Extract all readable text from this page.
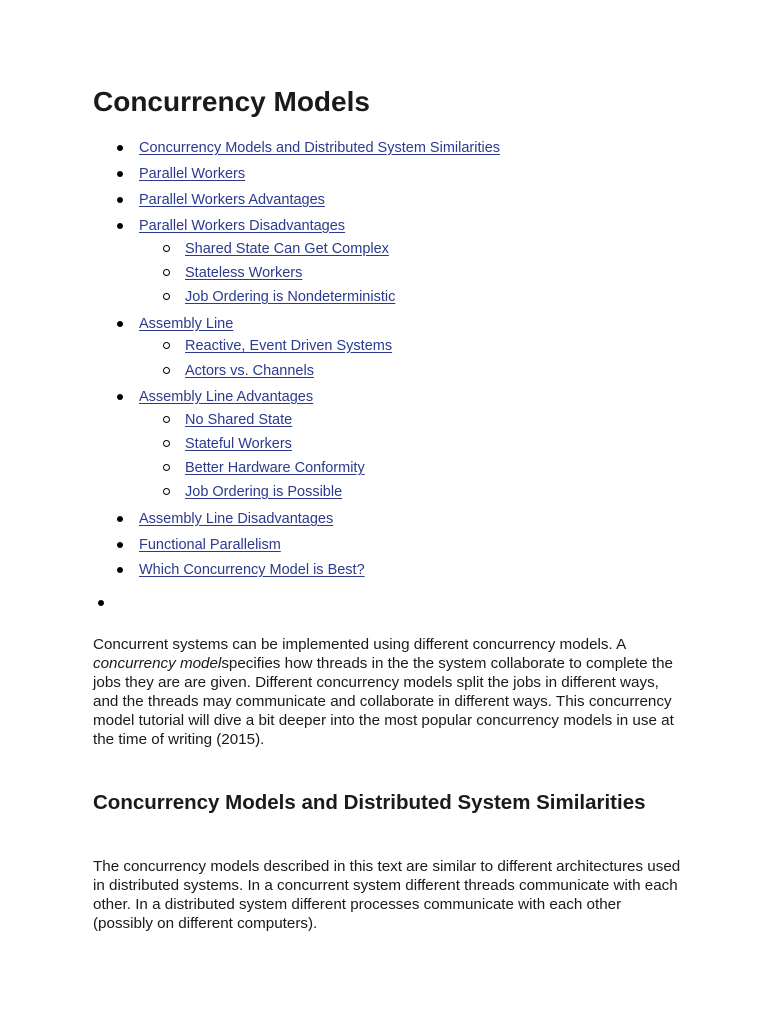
Concurrency Models
Concurrency Models and Distributed System Similarities
Parallel Workers
Parallel Workers Advantages
Parallel Workers Disadvantages
Shared State Can Get Complex
Stateless Workers
Job Ordering is Nondeterministic
Assembly Line
Reactive, Event Driven Systems
Actors vs. Channels
Assembly Line Advantages
No Shared State
Stateful Workers
Better Hardware Conformity
Job Ordering is Possible
Assembly Line Disadvantages
Functional Parallelism
Which Concurrency Model is Best?

Concurrent systems can be implemented using different concurrency models. A concurrency modelspecifies how threads in the the system collaborate to complete the jobs they are are given. Different concurrency models split the jobs in different ways, and the threads may communicate and collaborate in different ways. This concurrency model tutorial will dive a bit deeper into the most popular concurrency models in use at the time of writing (2015).

Concurrency Models and Distributed System Similarities

The concurrency models described in this text are similar to different architectures used in distributed systems. In a concurrent system different threads communicate with each other. In a distributed system different processes communicate with each other (possibly on different computers).
